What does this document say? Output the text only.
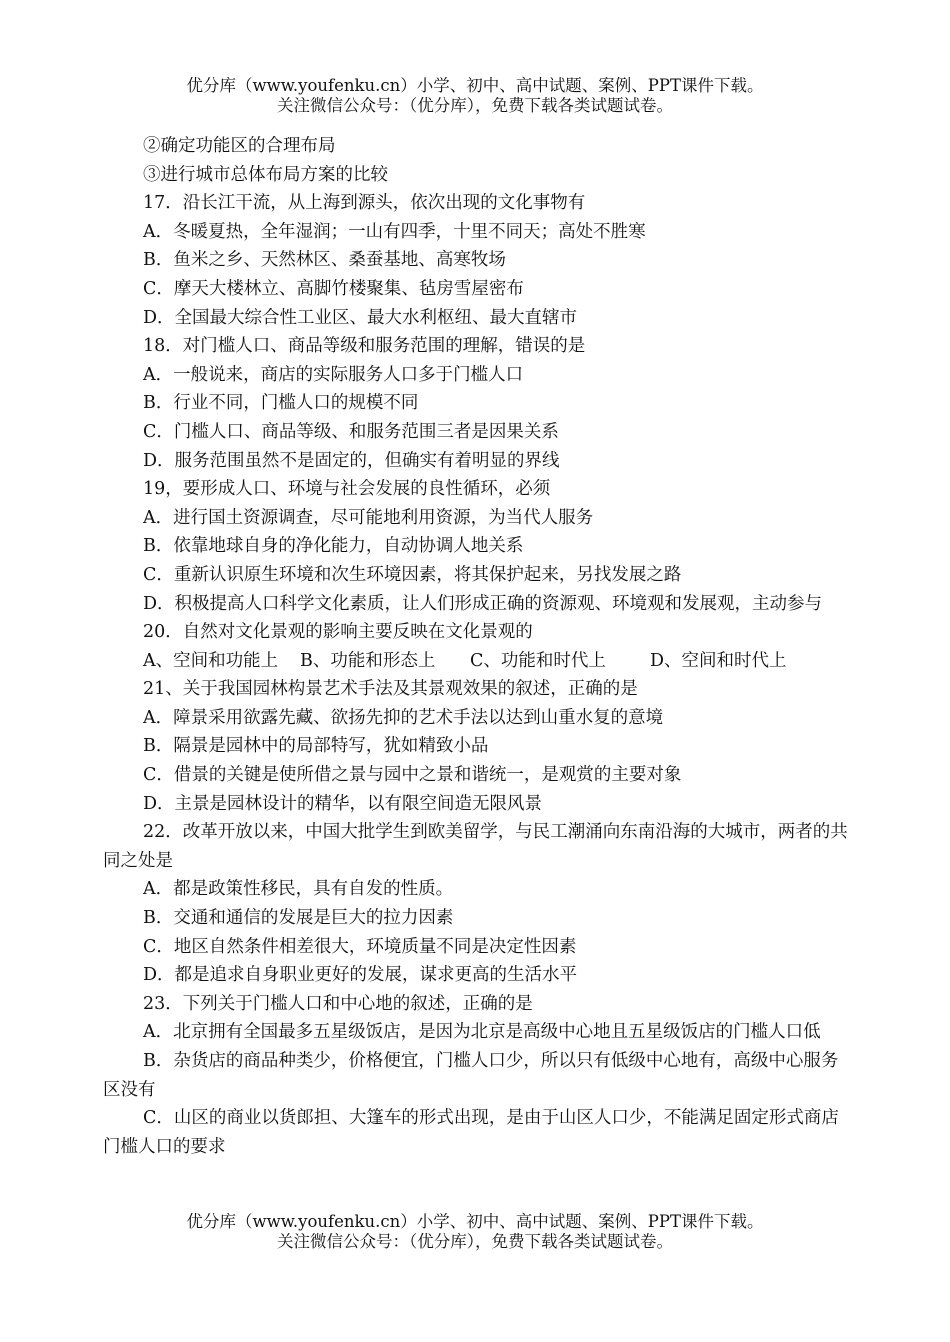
优分库（www.youfenku.cn）小学、初中、高中试题、案例、PPT课件下载。
关注微信公众号：（优分库），免费下载各类试题试卷。
②确定功能区的合理布局
③进行城市总体布局方案的比较
17．沿长江干流，从上海到源头，依次出现的文化事物有
A．冬暖夏热，全年湿润；一山有四季，十里不同天；高处不胜寒
B．鱼米之乡、天然林区、桑蚕基地、高寒牧场
C．摩天大楼林立、高脚竹楼聚集、毡房雪屋密布
D．全国最大综合性工业区、最大水利枢纽、最大直辖市
18．对门槛人口、商品等级和服务范围的理解，错误的是
A．一般说来，商店的实际服务人口多于门槛人口
B．行业不同，门槛人口的规模不同
C．门槛人口、商品等级、和服务范围三者是因果关系
D．服务范围虽然不是固定的，但确实有着明显的界线
19，要形成人口、环境与社会发展的良性循环，必须
A．进行国土资源调查，尽可能地利用资源，为当代人服务
B．依靠地球自身的净化能力，自动协调人地关系
C．重新认识原生环境和次生环境因素，将其保护起来，另找发展之路
D．积极提高人口科学文化素质，让人们形成正确的资源观、环境观和发展观，主动参与
20．自然对文化景观的影响主要反映在文化景观的
A、空间和功能上	B、功能和形态上	C、功能和时代上	D、空间和时代上
21、关于我国园林构景艺术手法及其景观效果的叙述，正确的是
A．障景采用欲露先藏、欲扬先抑的艺术手法以达到山重水复的意境
B．隔景是园林中的局部特写，犹如精致小品
C．借景的关键是使所借之景与园中之景和谐统一，是观赏的主要对象
D．主景是园林设计的精华，以有限空间造无限风景
22．改革开放以来，中国大批学生到欧美留学，与民工潮涌向东南沿海的大城市，两者的共同之处是
A．都是政策性移民，具有自发的性质。
B．交通和通信的发展是巨大的拉力因素
C．地区自然条件相差很大，环境质量不同是决定性因素
D．都是追求自身职业更好的发展，谋求更高的生活水平
23．下列关于门槛人口和中心地的叙述，正确的是
A．北京拥有全国最多五星级饭店，是因为北京是高级中心地且五星级饭店的门槛人口低
B．杂货店的商品种类少，价格便宜，门槛人口少，所以只有低级中心地有，高级中心服务区没有
C．山区的商业以货郎担、大篷车的形式出现，是由于山区人口少，不能满足固定形式商店门槛人口的要求
优分库（www.youfenku.cn）小学、初中、高中试题、案例、PPT课件下载。
关注微信公众号：（优分库），免费下载各类试题试卷。
